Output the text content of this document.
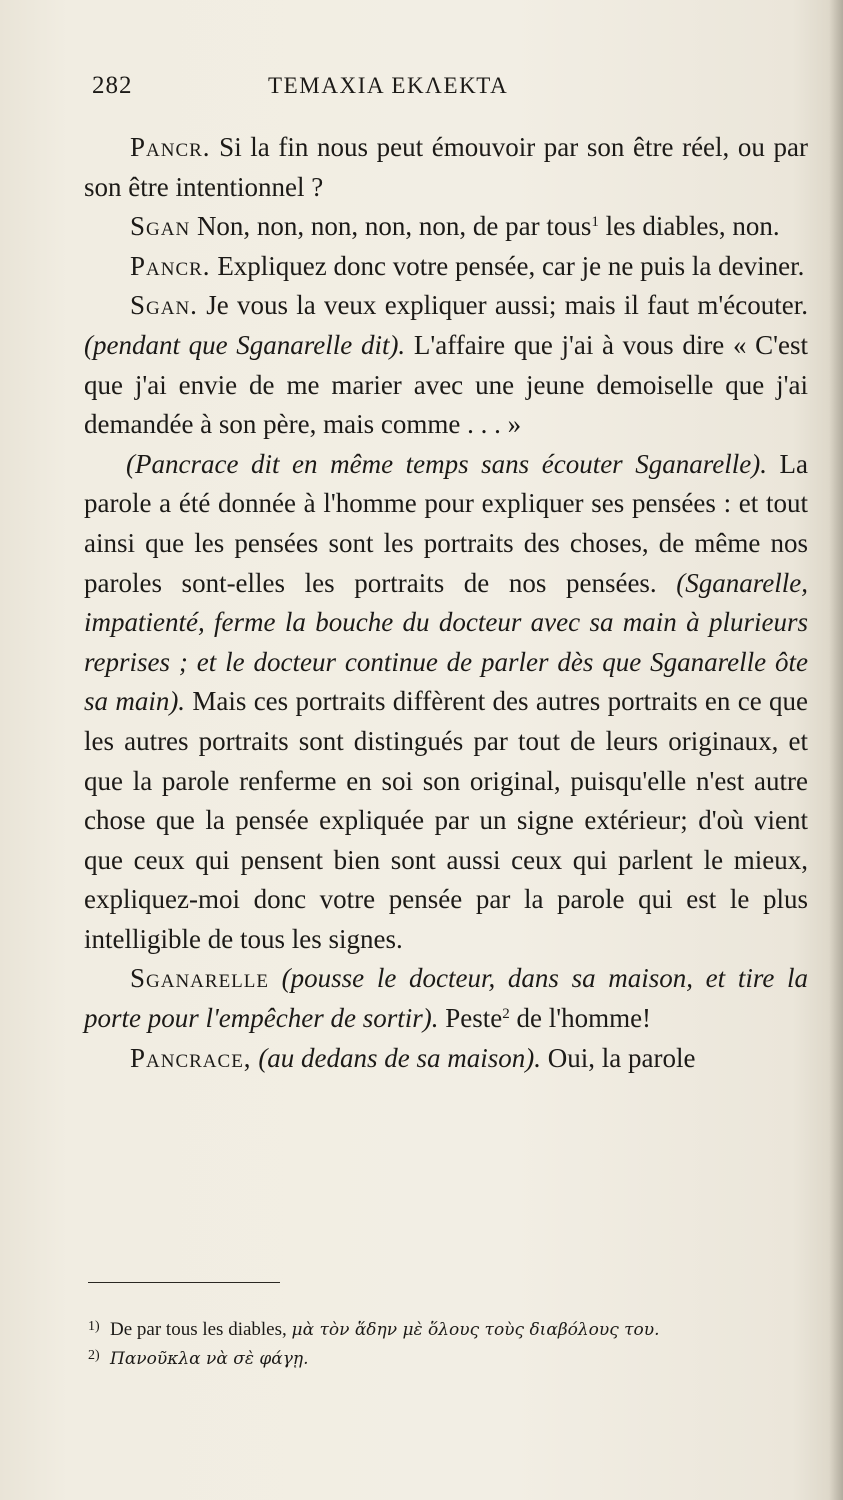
282	ΤΕΜΑΧΙΑ ΕΚΛΕΚΤΑ

Pancr. Si la fin nous peut émouvoir par son être réel, ou par son être intentionnel ?

Sgan Non, non, non, non, non, de par tous$^1$ les diables, non.

Pancr. Expliquez donc votre pensée, car je ne puis la deviner.

Sgan. Je vous la veux expliquer aussi; mais il faut m'écouter. (pendant que Sganarelle dit). L'affaire que j'ai à vous dire « C'est que j'ai envie de me marier avec une jeune demoiselle que j'ai demandée à son père, mais comme . . . »

(Pancrace dit en même temps sans écouter Sganarelle). La parole a été donnée à l'homme pour expliquer ses pensées : et tout ainsi que les pensées sont les portraits des choses, de même nos paroles sont-elles les portraits de nos pensées. (Sganarelle, impatienté, ferme la bouche du docteur avec sa main à plurieurs reprises ; et le docteur continue de parler dès que Sganarelle ôte sa main). Mais ces portraits diffèrent des autres portraits en ce que les autres portraits sont distingués par tout de leurs originaux, et que la parole renferme en soi son original, puisqu'elle n'est autre chose que la pensée expliquée par un signe extérieur; d'où vient que ceux qui pensent bien sont aussi ceux qui parlent le mieux, expliquez-moi donc votre pensée par la parole qui est le plus intelligible de tous les signes.

Sganarelle (pousse le docteur, dans sa maison, et tire la porte pour l'empêcher de sortir). Peste$^2$ de l'homme!

Pancrace, (au dedans de sa maison). Oui, la parole

1) De par tous les diables, μὰ τὸν ἅδην μὲ ὅλους τοὺς διαβόλους του.
2) Πανοῦκλα νὰ σὲ φάγῃ.
